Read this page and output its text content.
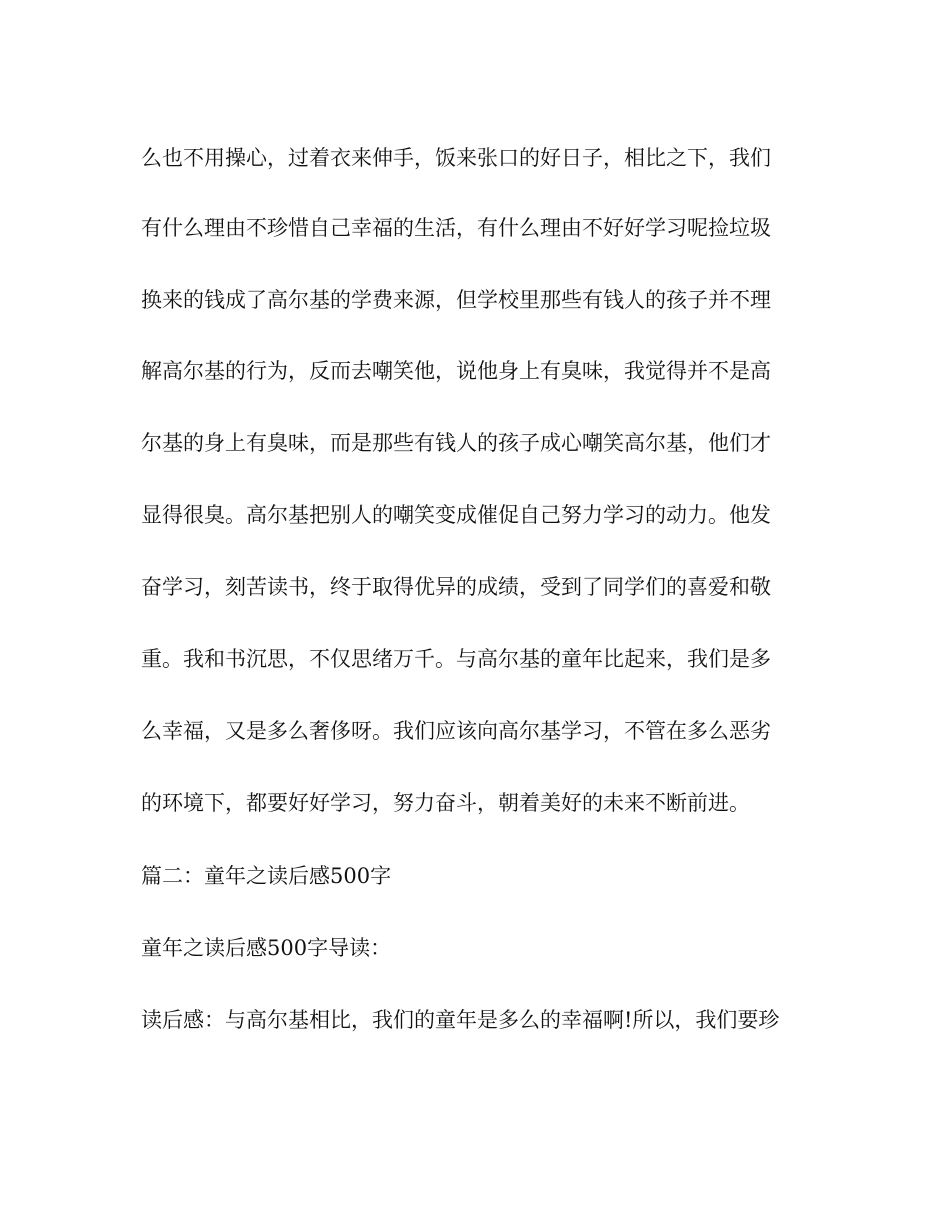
么也不用操心，过着衣来伸手，饭来张口的好日子，相比之下，我们

有什么理由不珍惜自己幸福的生活，有什么理由不好好学习呢捡垃圾

换来的钱成了高尔基的学费来源，但学校里那些有钱人的孩子并不理

解高尔基的行为，反而去嘲笑他，说他身上有臭味，我觉得并不是高

尔基的身上有臭味，而是那些有钱人的孩子成心嘲笑高尔基，他们才

显得很臭。高尔基把别人的嘲笑变成催促自己努力学习的动力。他发

奋学习，刻苦读书，终于取得优异的成绩，受到了同学们的喜爱和敬

重。我和书沉思，不仅思绪万千。与高尔基的童年比起来，我们是多

么幸福，又是多么奢侈呀。我们应该向高尔基学习，不管在多么恶劣

的环境下，都要好好学习，努力奋斗，朝着美好的未来不断前进。

篇二：童年之读后感500字

童年之读后感500字导读：

读后感：与高尔基相比，我们的童年是多么的幸福啊!所以，我们要珍
